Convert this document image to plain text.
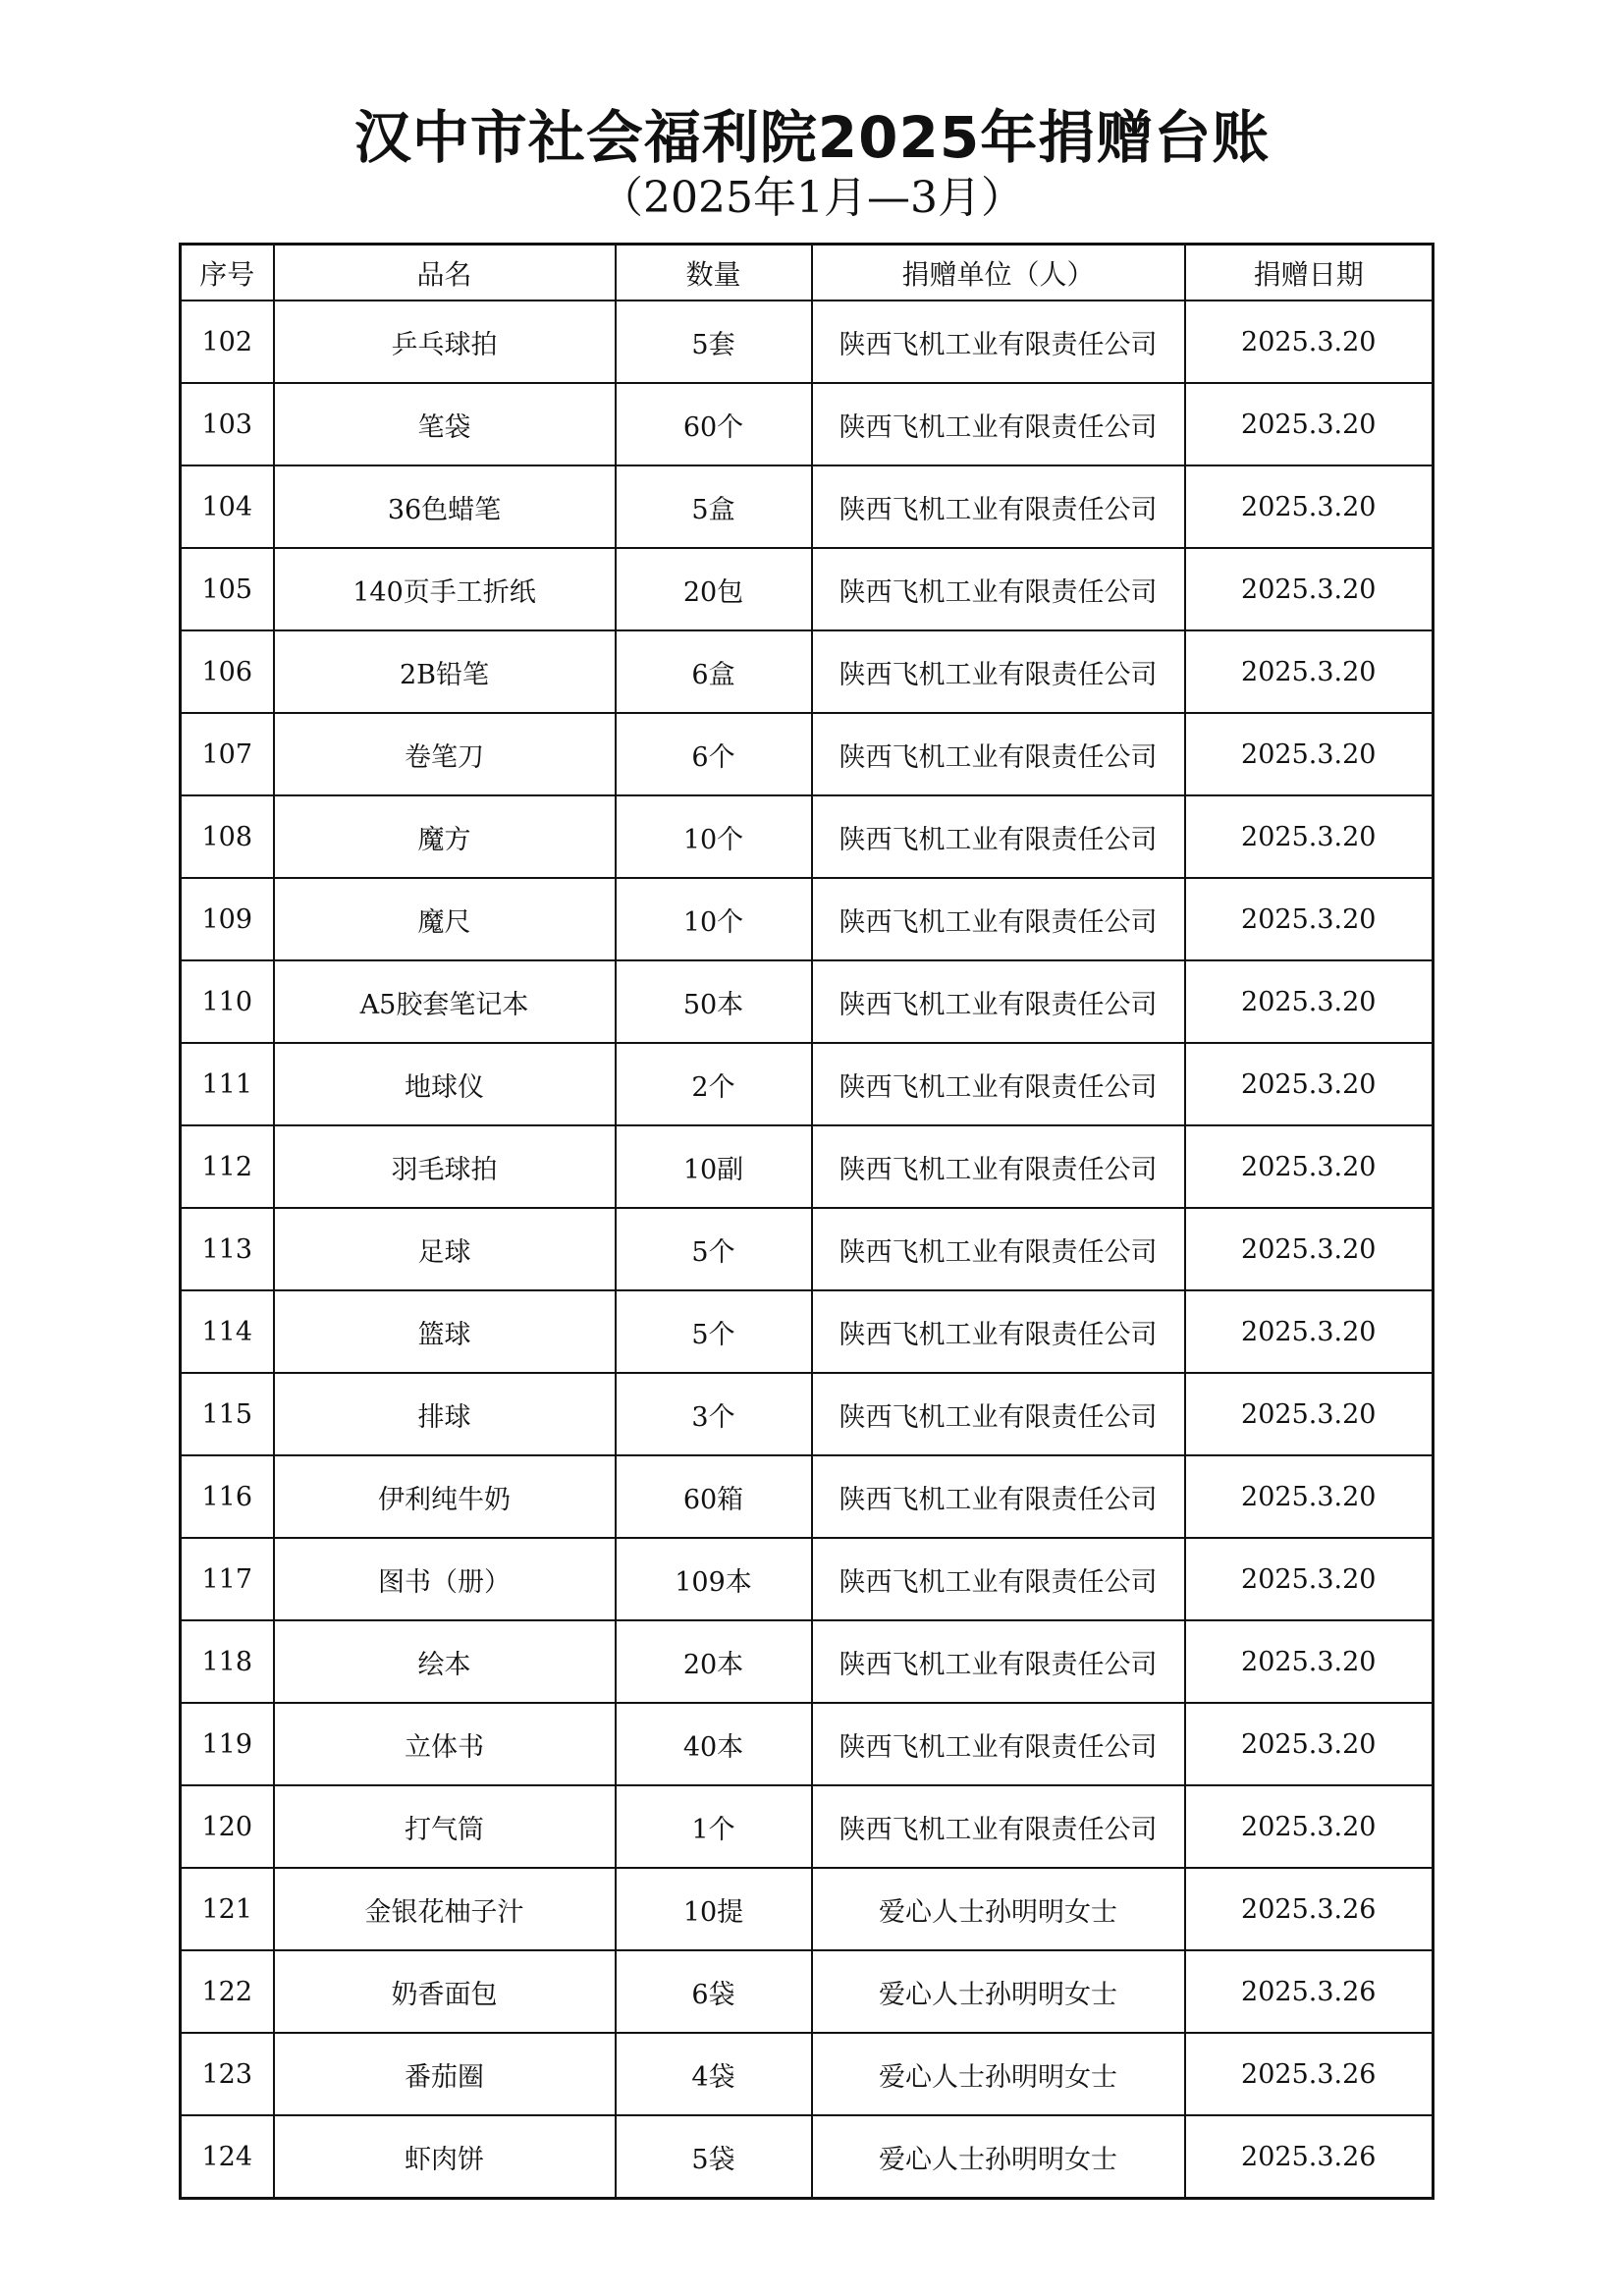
汉中市社会福利院2025年捐赠台账
（2025年1月—3月）
序号	品名	数量	捐赠单位（人）	捐赠日期
102	乒乓球拍	5套	陕西飞机工业有限责任公司	2025.3.20
103	笔袋	60个	陕西飞机工业有限责任公司	2025.3.20
104	36色蜡笔	5盒	陕西飞机工业有限责任公司	2025.3.20
105	140页手工折纸	20包	陕西飞机工业有限责任公司	2025.3.20
106	2B铅笔	6盒	陕西飞机工业有限责任公司	2025.3.20
107	卷笔刀	6个	陕西飞机工业有限责任公司	2025.3.20
108	魔方	10个	陕西飞机工业有限责任公司	2025.3.20
109	魔尺	10个	陕西飞机工业有限责任公司	2025.3.20
110	A5胶套笔记本	50本	陕西飞机工业有限责任公司	2025.3.20
111	地球仪	2个	陕西飞机工业有限责任公司	2025.3.20
112	羽毛球拍	10副	陕西飞机工业有限责任公司	2025.3.20
113	足球	5个	陕西飞机工业有限责任公司	2025.3.20
114	篮球	5个	陕西飞机工业有限责任公司	2025.3.20
115	排球	3个	陕西飞机工业有限责任公司	2025.3.20
116	伊利纯牛奶	60箱	陕西飞机工业有限责任公司	2025.3.20
117	图书（册）	109本	陕西飞机工业有限责任公司	2025.3.20
118	绘本	20本	陕西飞机工业有限责任公司	2025.3.20
119	立体书	40本	陕西飞机工业有限责任公司	2025.3.20
120	打气筒	1个	陕西飞机工业有限责任公司	2025.3.20
121	金银花柚子汁	10提	爱心人士孙明明女士	2025.3.26
122	奶香面包	6袋	爱心人士孙明明女士	2025.3.26
123	番茄圈	4袋	爱心人士孙明明女士	2025.3.26
124	虾肉饼	5袋	爱心人士孙明明女士	2025.3.26
